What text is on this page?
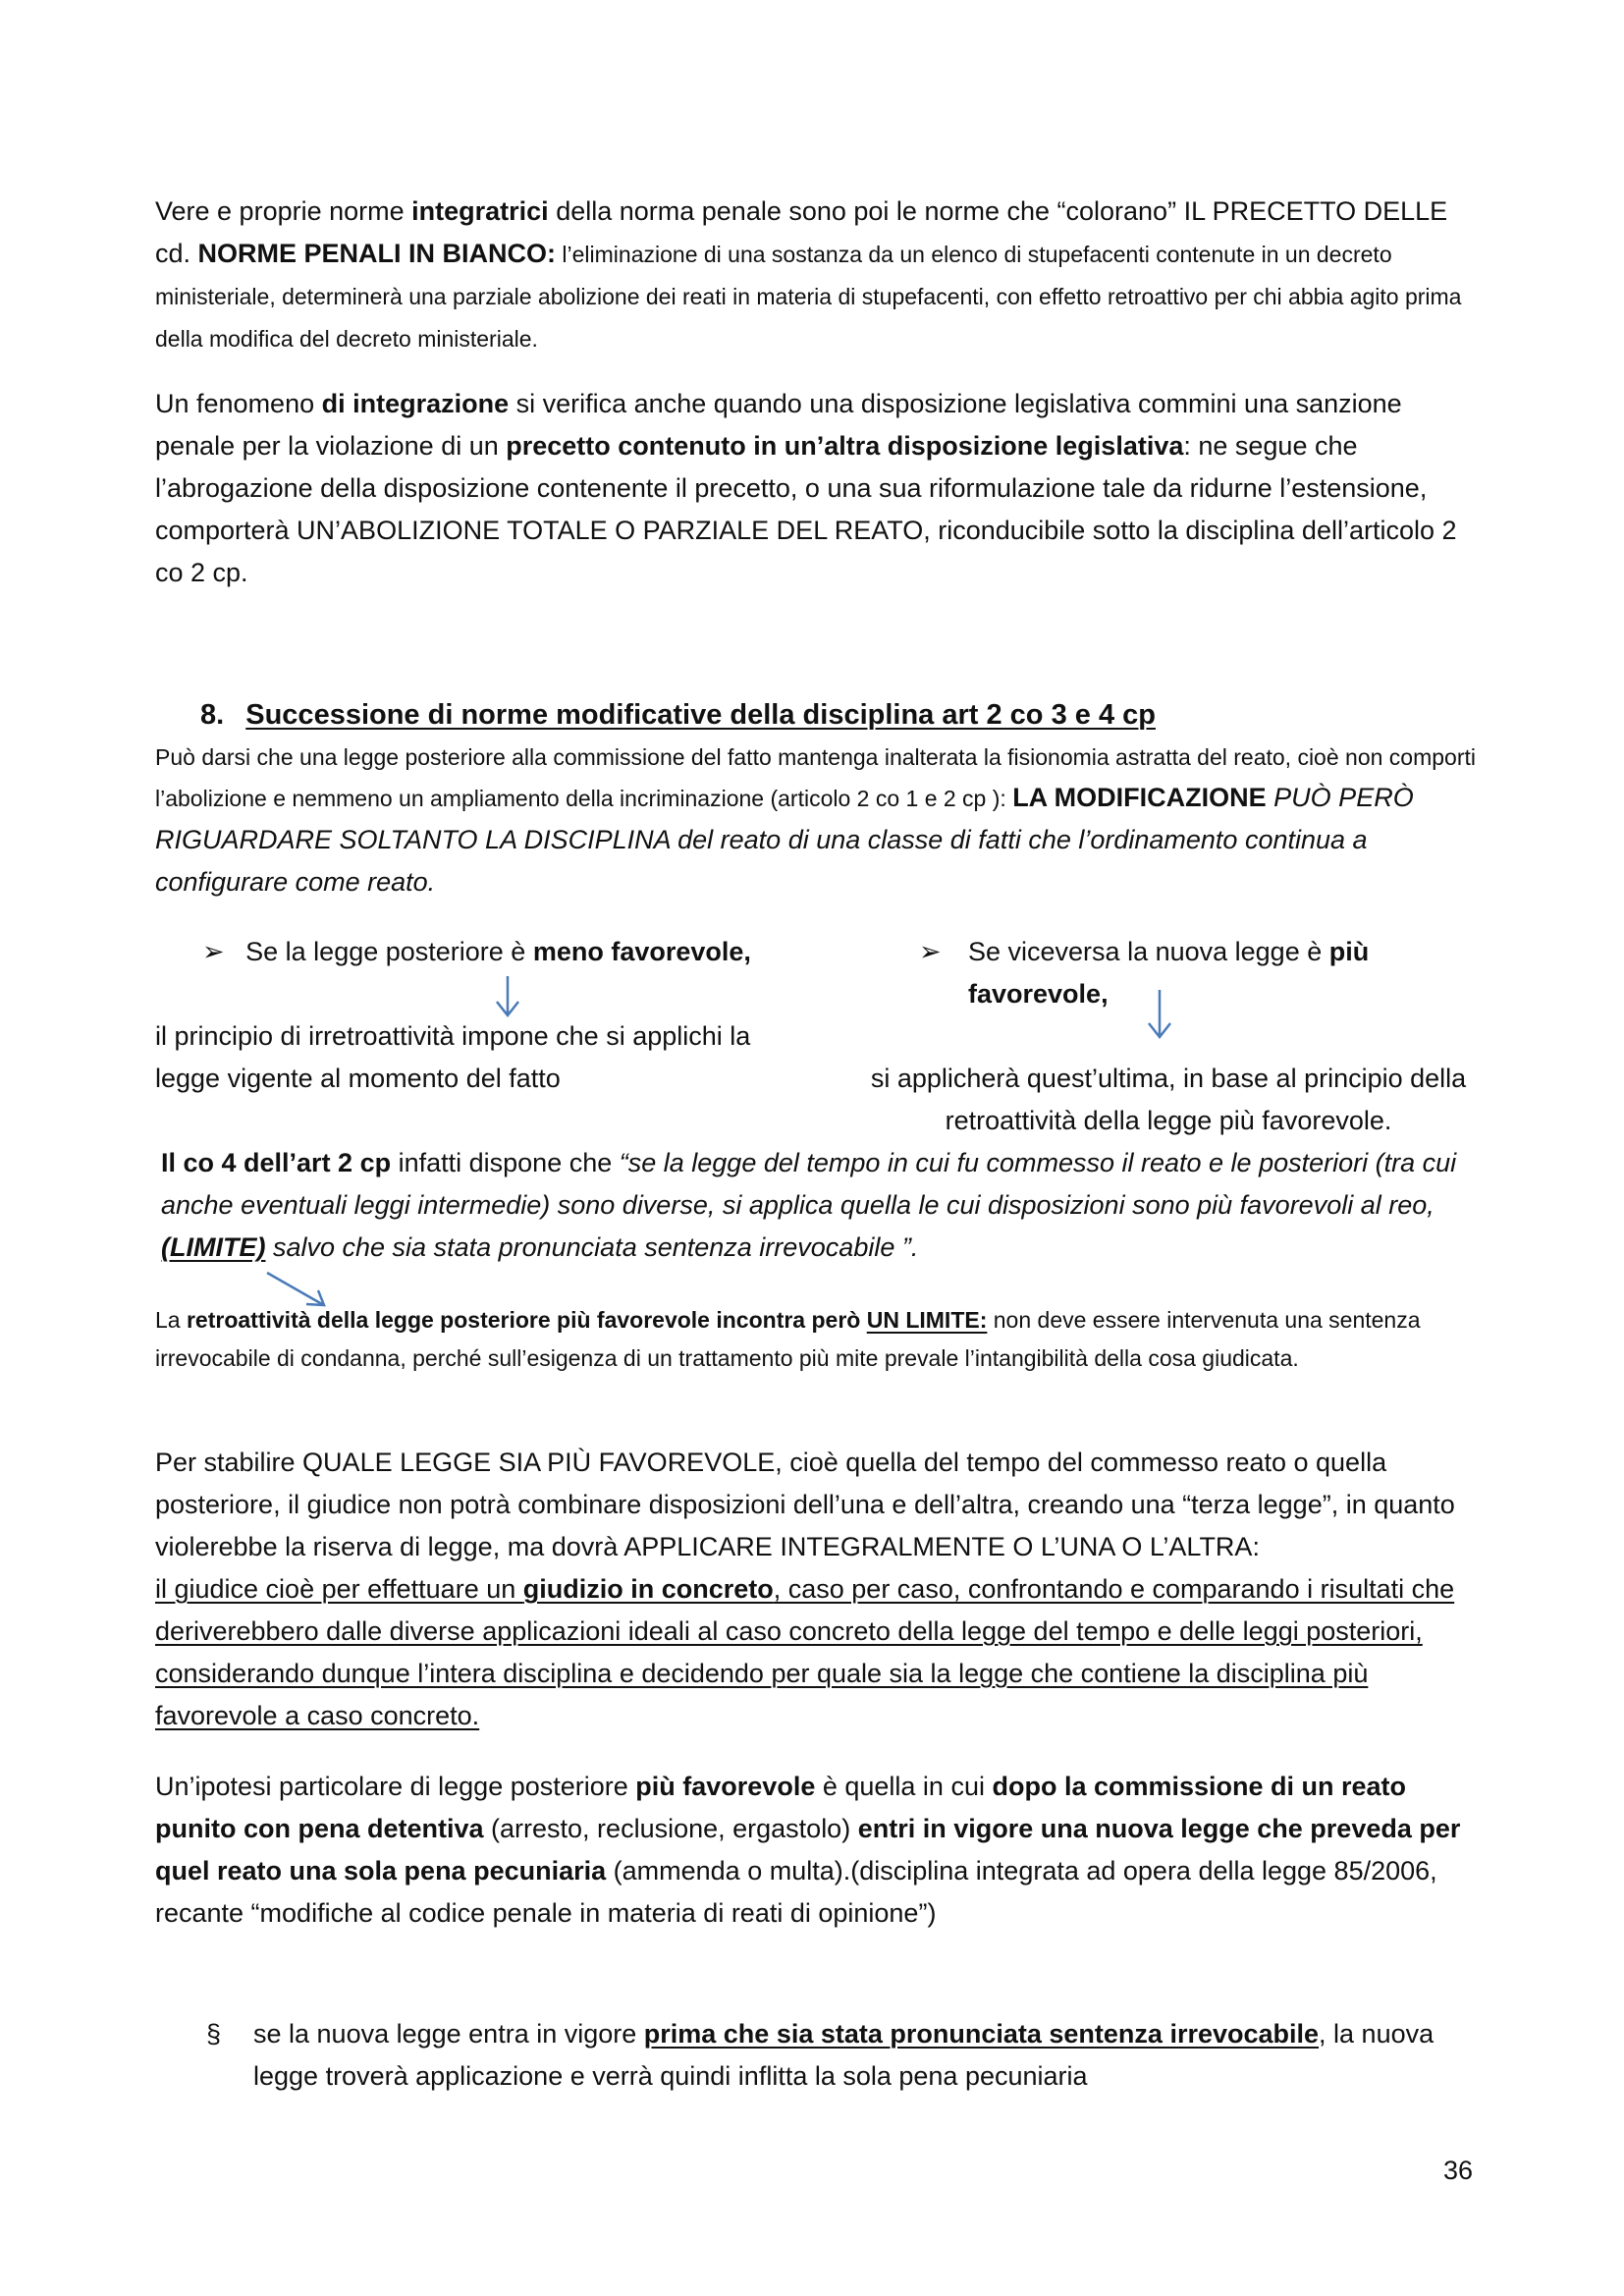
Vere e proprie norme integratrici della norma penale sono poi le norme che “colorano” IL PRECETTO DELLE cd. NORME PENALI IN BIANCO: l’eliminazione di una sostanza da un elenco di stupefacenti contenute in un decreto ministeriale, determinerà una parziale abolizione dei reati in materia di stupefacenti, con effetto retroattivo per chi abbia agito prima della modifica del decreto ministeriale.

Un fenomeno di integrazione si verifica anche quando una disposizione legislativa commini una sanzione penale per la violazione di un precetto contenuto in un’altra disposizione legislativa: ne segue che l’abrogazione della disposizione contenente il precetto, o una sua riformulazione tale da ridurne l’estensione, comporterà UN’ABOLIZIONE TOTALE O PARZIALE DEL REATO, riconducibile sotto la disciplina dell’articolo 2 co 2 cp.

8. Successione di norme modificative della disciplina art 2 co 3 e 4 cp

Può darsi che una legge posteriore alla commissione del fatto mantenga inalterata la fisionomia astratta del reato, cioè non comporti l’abolizione e nemmeno un ampliamento della incriminazione (articolo 2 co 1 e 2 cp ): LA MODIFICAZIONE PUÒ PERÒ RIGUARDARE SOLTANTO LA DISCIPLINA del reato di una classe di fatti che l’ordinamento continua a configurare come reato.

➢ Se la legge posteriore è meno favorevole,

il principio di irretroattività impone che si applichi la legge vigente al momento del fatto

➢	Se viceversa la nuova legge è più favorevole,

si applicherà quest’ultima, in base al principio della retroattività della legge più favorevole.

Il co 4 dell’art 2 cp infatti dispone che “se la legge del tempo in cui fu commesso il reato e le posteriori (tra cui anche eventuali leggi intermedie) sono diverse, si applica quella le cui disposizioni sono più favorevoli al reo, (LIMITE) salvo che sia stata pronunciata sentenza irrevocabile ”.

La retroattività della legge posteriore più favorevole incontra però UN LIMITE: non deve essere intervenuta una sentenza irrevocabile di condanna, perché sull’esigenza di un trattamento più mite prevale l’intangibilità della cosa giudicata.

Per stabilire QUALE LEGGE SIA PIÙ FAVOREVOLE, cioè quella del tempo del commesso reato o quella posteriore, il giudice non potrà combinare disposizioni dell’una e dell’altra, creando una “terza legge”, in quanto violerebbe la riserva di legge, ma dovrà APPLICARE INTEGRALMENTE O L’UNA O L’ALTRA:
il giudice cioè per effettuare un giudizio in concreto, caso per caso, confrontando e comparando i risultati che deriverebbero dalle diverse applicazioni ideali al caso concreto della legge del tempo e delle leggi posteriori, considerando dunque l’intera disciplina e decidendo per quale sia la legge che contiene la disciplina più favorevole a caso concreto.

Un’ipotesi particolare di legge posteriore più favorevole è quella in cui dopo la commissione di un reato punito con pena detentiva (arresto, reclusione, ergastolo) entri in vigore una nuova legge che preveda per quel reato una sola pena pecuniaria (ammenda o multa).(disciplina integrata ad opera della legge 85/2006, recante “modifiche al codice penale in materia di reati di opinione”)

§	se la nuova legge entra in vigore prima che sia stata pronunciata sentenza irrevocabile, la nuova legge troverà applicazione e verrà quindi inflitta la sola pena pecuniaria
36
